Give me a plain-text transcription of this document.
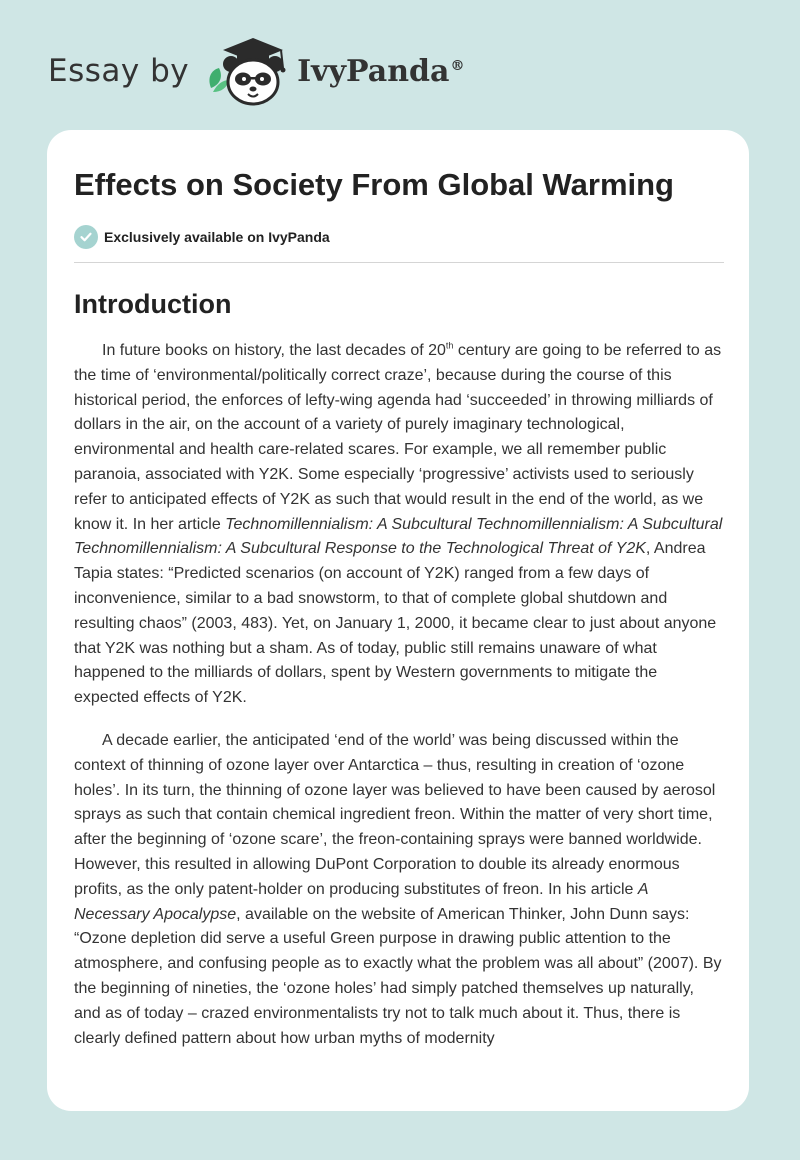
Essay by	IvyPanda®
Effects on Society From Global Warming
Exclusively available on IvyPanda
Introduction

In future books on history, the last decades of 20th century are going to be referred to as the time of ‘environmental/politically correct craze’, because during the course of this historical period, the enforces of lefty-wing agenda had ‘succeeded’ in throwing milliards of dollars in the air, on the account of a variety of purely imaginary technological, environmental and health care-related scares. For example, we all remember public paranoia, associated with Y2K. Some especially ‘progressive’ activists used to seriously refer to anticipated effects of Y2K as such that would result in the end of the world, as we know it. In her article Technomillennialism: A Subcultural Technomillennialism: A Subcultural Technomillennialism: A Subcultural Response to the Technological Threat of Y2K, Andrea Tapia states: “Predicted scenarios (on account of Y2K) ranged from a few days of inconvenience, similar to a bad snowstorm, to that of complete global shutdown and resulting chaos” (2003, 483). Yet, on January 1, 2000, it became clear to just about anyone that Y2K was nothing but a sham. As of today, public still remains unaware of what happened to the milliards of dollars, spent by Western governments to mitigate the expected effects of Y2K.

A decade earlier, the anticipated ‘end of the world’ was being discussed within the context of thinning of ozone layer over Antarctica – thus, resulting in creation of ‘ozone holes’. In its turn, the thinning of ozone layer was believed to have been caused by aerosol sprays as such that contain chemical ingredient freon. Within the matter of very short time, after the beginning of ‘ozone scare’, the freon-containing sprays were banned worldwide. However, this resulted in allowing DuPont Corporation to double its already enormous profits, as the only patent-holder on producing substitutes of freon. In his article A Necessary Apocalypse, available on the website of American Thinker, John Dunn says: “Ozone depletion did serve a useful Green purpose in drawing public attention to the atmosphere, and confusing people as to exactly what the problem was all about” (2007). By the beginning of nineties, the ‘ozone holes’ had simply patched themselves up naturally, and as of today – crazed environmentalists try not to talk much about it. Thus, there is clearly defined pattern about how urban myths of modernity
